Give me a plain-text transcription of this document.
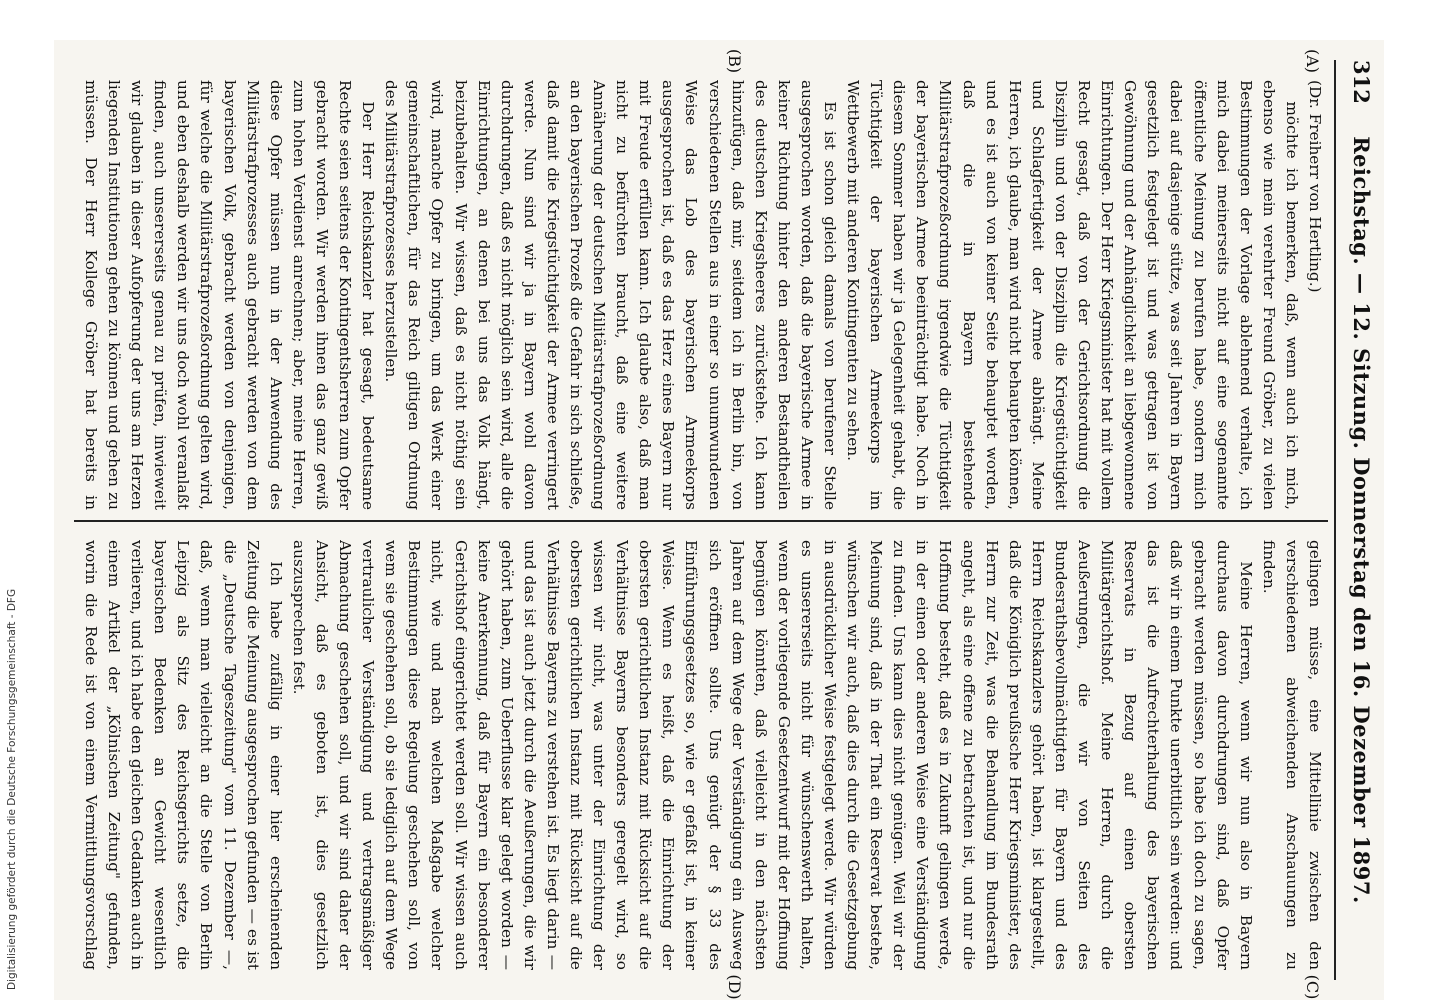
312
Reichstag. — 12. Sitzung. Donnerstag den 16. Dezember 1897.
(A)
(B)
(C)
(D)

(Dr. Freiherr von Hertling.)

möchte ich bemerken, daß, wenn auch ich mich, ebenso wie mein verehrter Freund Gröber, zu vielen Bestimmungen der Vorlage ablehnend verhalte, ich mich dabei meinerseits nicht auf eine sogenannte öffentliche Meinung zu berufen habe, sondern mich dabei auf dasjenige stütze, was seit Jahren in Bayern gesetzlich festgelegt ist und was getragen ist von Gewöhnung und der Anhänglichkeit an liebgewonnene Einrichtungen. Der Herr Kriegsminister hat mit vollem Recht gesagt, daß von der Gerichtsordnung die Disziplin und von der Disziplin die Kriegstüchtigkeit und Schlagfertigkeit der Armee abhängt. Meine Herren, ich glaube, man wird nicht behaupten können, und es ist auch von keiner Seite behauptet worden, daß die in Bayern bestehende Militärstrafprozeßordnung irgendwie die Tüchtigkeit der bayerischen Armee beeinträchtigt habe. Noch in diesem Sommer haben wir ja Gelegenheit gehabt, die Tüchtigkeit der bayerischen Armeekorps im Wettbewerb mit anderen Kontingenten zu sehen.

Es ist schon gleich damals von berufener Stelle ausgesprochen worden, daß die bayerische Armee in keiner Richtung hinter den anderen Bestandtheilen des deutschen Kriegsheeres zurückstehe. Ich kann hinzufügen, daß mir, seitdem ich in Berlin bin, von verschiedenen Stellen aus in einer so unumwundenen Weise das Lob des bayerischen Armeekorps ausgesprochen ist, daß es das Herz eines Bayern nur mit Freude erfüllen kann. Ich glaube also, daß man nicht zu befürchten braucht, daß eine weitere Annäherung der deutschen Militärstrafprozeßordnung an den bayerischen Prozeß die Gefahr in sich schließe, daß damit die Kriegstüchtigkeit der Armee verringert werde. Nun sind wir ja in Bayern wohl davon durchdrungen, daß es nicht möglich sein wird, alle die Einrichtungen, an denen bei uns das Volk hängt, beizubehalten. Wir wissen, daß es nicht nöthig sein wird, manche Opfer zu bringen, um das Werk einer gemeinschaftlichen, für das Reich giltigen Ordnung des Militärstrafprozesses herzustellen.

Der Herr Reichskanzler hat gesagt, bedeutsame Rechte seien seitens der Kontingentsherren zum Opfer gebracht worden. Wir werden ihnen das ganz gewiß zum hohen Verdienst anrechnen; aber, meine Herren, diese Opfer müssen nun in der Anwendung des Militärstrafprozesses auch gebracht werden von dem bayerischen Volk, gebracht werden von denjenigen, für welche die Militärstrafprozeßordnung gelten wird, und eben deshalb werden wir uns doch wohl veranlaßt finden, auch unsererseits genau zu prüfen, inwieweit wir glauben in dieser Aufopferung der uns am Herzen liegenden Institutionen gehen zu können und gehen zu müssen. Der Herr Kollege Gröber hat bereits in

gelingen müsse, eine Mittellinie zwischen den verschiedenen abweichenden Anschauungen zu finden.

Meine Herren, wenn wir nun also in Bayern durchaus davon durchdrungen sind, daß Opfer gebracht werden müssen, so habe ich doch zu sagen, daß wir in einem Punkte unerbittlich sein werden: und das ist die Aufrechterhaltung des bayerischen Reservats in Bezug auf einen obersten Militärgerichtshof. Meine Herren, durch die Aeußerungen, die wir von Seiten des Bundesrathsbevollmächtigten für Bayern und des Herrn Reichskanzlers gehört haben, ist klargestellt, daß die Königlich preußische Herr Kriegsminister, des Herrn zur Zeit, was die Behandlung im Bundesrath angeht, als eine offene zu betrachten ist, und nur die Hoffnung besteht, daß es in Zukunft gelingen werde, in der einen oder anderen Weise eine Verständigung zu finden. Uns kann dies nicht genügen. Weil wir der Meinung sind, daß in der That ein Reservat bestehe, wünschen wir auch, daß dies durch die Gesetzgebung in ausdrücklicher Weise festgelegt werde. Wir würden es unsererseits nicht für wünschenswerth halten, wenn der vorliegende Gesetzentwurf mit der Hoffnung begnügen könnten, daß vielleicht in den nächsten Jahren auf dem Wege der Verständigung ein Ausweg sich eröffnen sollte. Uns genügt der § 33 des Einführungsgesetzes so, wie er gefaßt ist, in keiner Weise. Wenn es heißt, daß die Einrichtung der obersten gerichtlichen Instanz mit Rücksicht auf die Verhältnisse Bayerns besonders geregelt wird, so wissen wir nicht, was unter der Einrichtung der obersten gerichtlichen Instanz mit Rücksicht auf die Verhältnisse Bayerns zu verstehen ist. Es liegt darin — und das ist auch jetzt durch die Aeußerungen, die wir gehört haben, zum Ueberflusse klar gelegt worden — keine Anerkennung, daß für Bayern ein besonderer Gerichtshof eingerichtet werden soll. Wir wissen auch nicht, wie und nach welchen Maßgabe welcher Bestimmungen diese Regelung geschehen soll, von wem sie geschehen soll, ob sie lediglich auf dem Wege vertraulicher Verständigung und vertragsmäßiger Abmachung geschehen soll, und wir sind daher der Ansicht, daß es geboten ist, dies gesetzlich auszusprechen fest.

Ich habe zufällig in einer hier erscheinenden Zeitung die Meinung ausgesprochen gefunden — es ist die „Deutsche Tageszeitung" vom 11. Dezember —, daß, wenn man vielleicht an die Stelle von Berlin Leipzig als Sitz des Reichsgerichts setze, die bayerischen Bedenken an Gewicht wesentlich verlieren, und ich habe den gleichen Gedanken auch in einem Artikel der „Kölnischen Zeitung" gefunden, worin die Rede ist von einem Vermittlungsvorschlag

Digitalisierung gefördert durch die Deutsche Forschungsgemeinschaft - DFG
